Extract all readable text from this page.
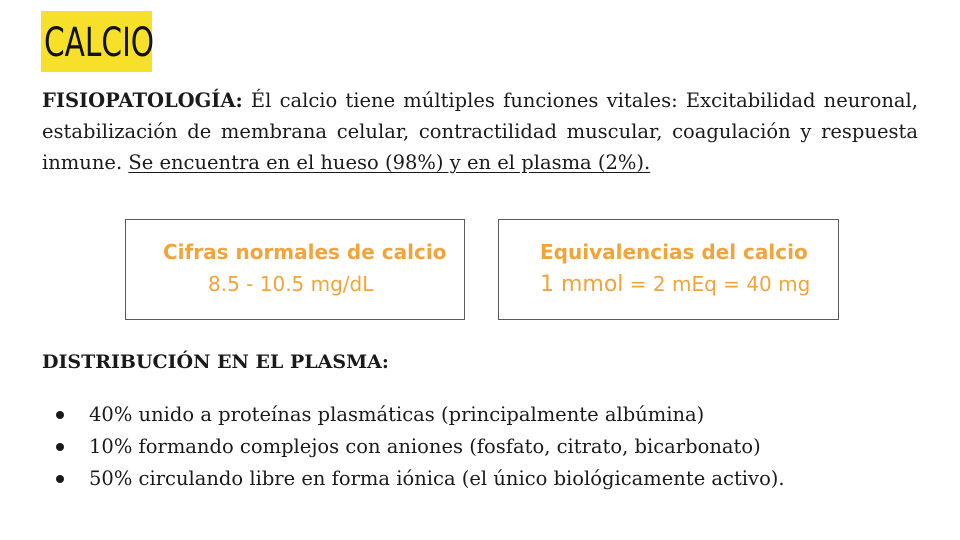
CALCIO
FISIOPATOLOGÍA: Él calcio tiene múltiples funciones vitales: Excitabilidad neuronal, estabilización de membrana celular, contractilidad muscular, coagulación y respuesta inmune. Se encuentra en el hueso (98%) y en el plasma (2%).
Cifras normales de calcio
8.5 - 10.5 mg/dL
Equivalencias del calcio
1 mmol = 2 mEq = 40 mg
DISTRIBUCIÓN EN EL PLASMA:
40% unido a proteínas plasmáticas (principalmente albúmina)
10% formando complejos con aniones (fosfato, citrato, bicarbonato)
50% circulando libre en forma iónica (el único biológicamente activo).
